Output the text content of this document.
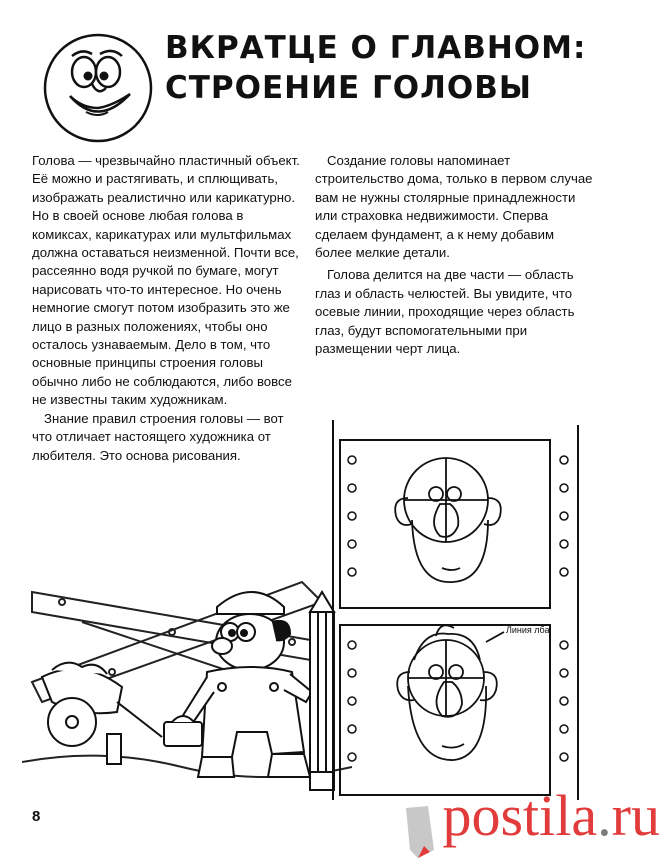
ВКРАТЦЕ О ГЛАВНОМ:
СТРОЕНИЕ ГОЛОВЫ

Голова — чрезвычайно пластичный объект. Её можно и растягивать, и сплющивать, изображать реалистично или карикатурно. Но в своей основе любая голова в комиксах, карикатурах или мультфильмах должна оставаться неизменной. Почти все, рассеянно водя ручкой по бумаге, могут нарисовать что-то интересное. Но очень немногие смогут потом изобразить это же лицо в разных положениях, чтобы оно осталось узнаваемым. Дело в том, что основные принципы строения головы обычно либо не соблюдаются, либо вовсе не известны таким художникам.

Знание правил строения головы — вот что отличает настоящего художника от любителя. Это основа рисования.

Создание головы напоминает строительство дома, только в первом случае вам не нужны столярные принадлежности или страховка недвижимости. Сперва сделаем фундамент, а к нему добавим более мелкие детали.

Голова делится на две части — область глаз и область челюстей. Вы увидите, что осевые линии, проходящие через область глаз, будут вспомогательными при размещении черт лица.

Линия лба
8	postila.ru
